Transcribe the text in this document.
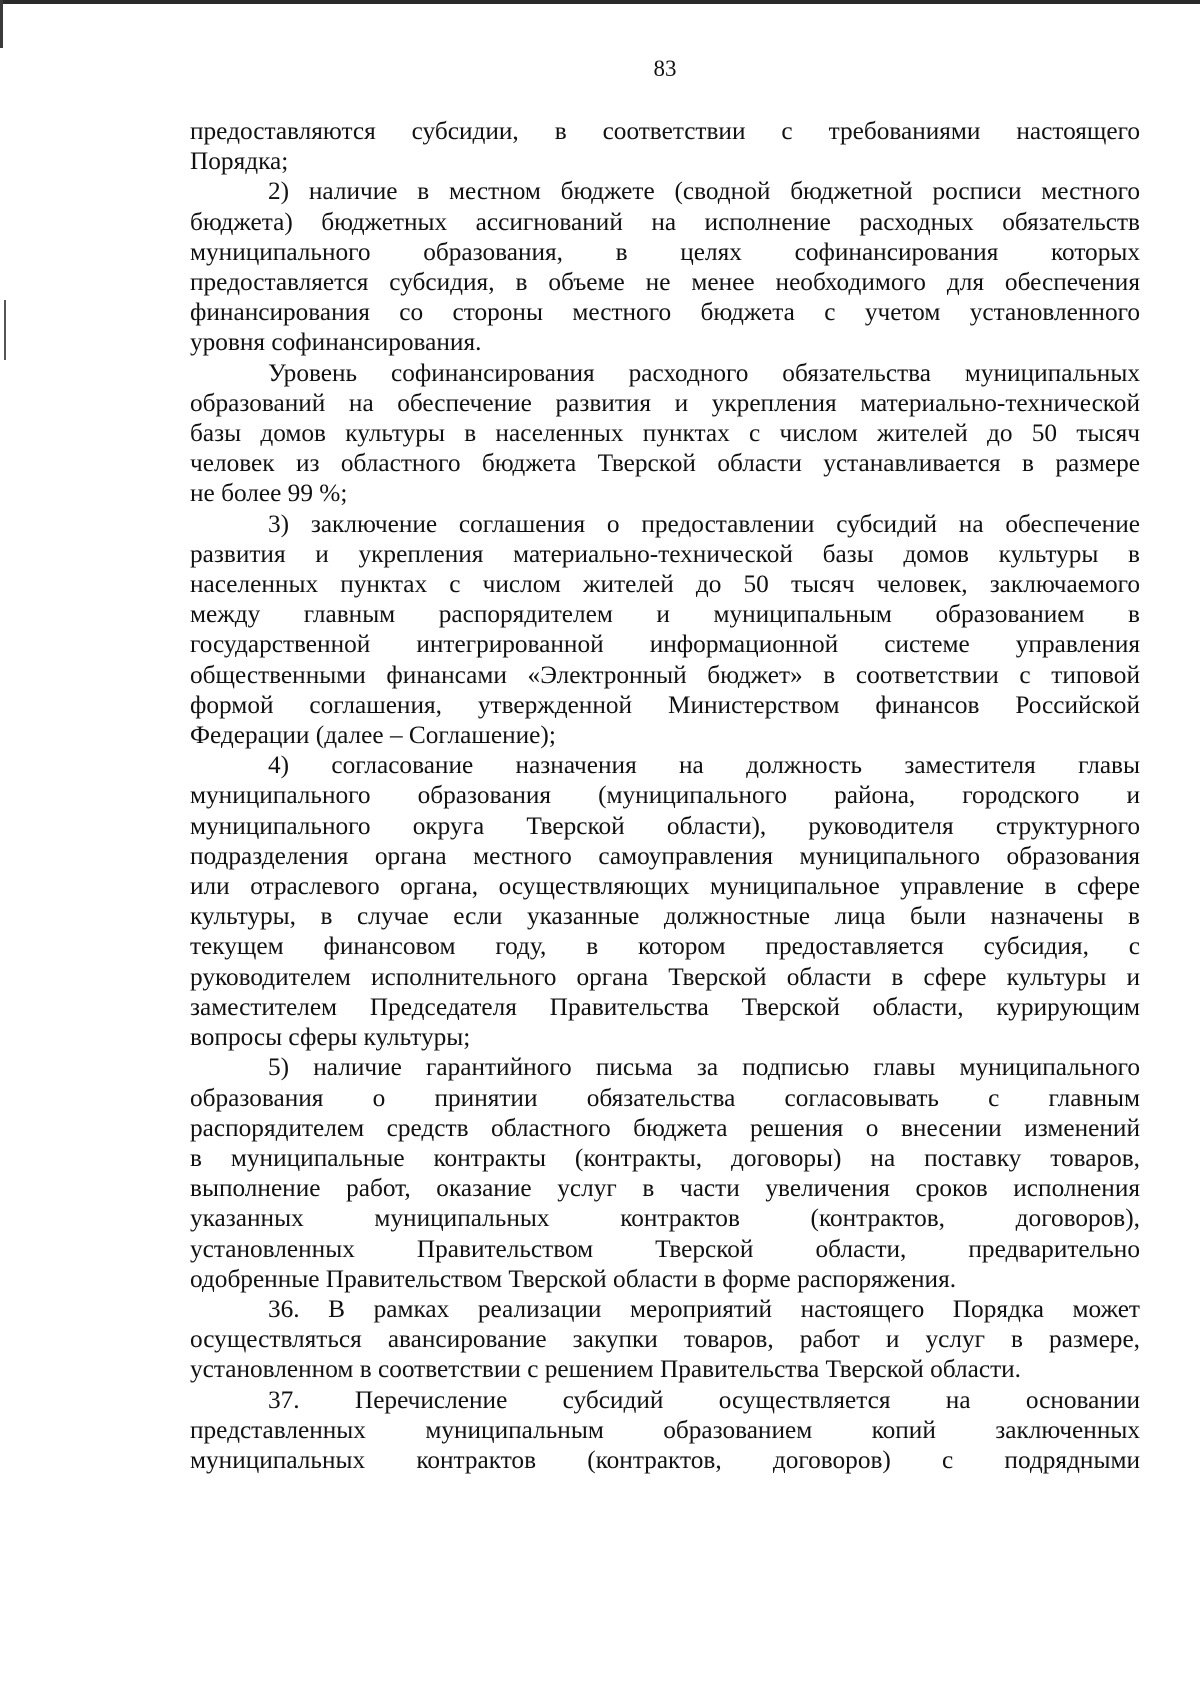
83

предоставляются субсидии, в соответствии с требованиями настоящего

Порядка;

2) наличие в местном бюджете (сводной бюджетной росписи местного

бюджета) бюджетных ассигнований на исполнение расходных обязательств

муниципального образования, в целях софинансирования которых

предоставляется субсидия, в объеме не менее необходимого для обеспечения

финансирования со стороны местного бюджета с учетом установленного

уровня софинансирования.

Уровень софинансирования расходного обязательства муниципальных

образований на обеспечение развития и укрепления материально-технической

базы домов культуры в населенных пунктах с числом жителей до 50 тысяч

человек из областного бюджета Тверской области устанавливается в размере

не более 99 %;

3) заключение соглашения о предоставлении субсидий на обеспечение

развития и укрепления материально-технической базы домов культуры в

населенных пунктах с числом жителей до 50 тысяч человек, заключаемого

между главным распорядителем и муниципальным образованием в

государственной интегрированной информационной системе управления

общественными финансами «Электронный бюджет» в соответствии с типовой

формой соглашения, утвержденной Министерством финансов Российской

Федерации (далее – Соглашение);

4) согласование назначения на должность заместителя главы

муниципального образования (муниципального района, городского и

муниципального округа Тверской области), руководителя структурного

подразделения органа местного самоуправления муниципального образования

или отраслевого органа, осуществляющих муниципальное управление в сфере

культуры, в случае если указанные должностные лица были назначены в

текущем финансовом году, в котором предоставляется субсидия, с

руководителем исполнительного органа Тверской области в сфере культуры и

заместителем Председателя Правительства Тверской области, курирующим

вопросы сферы культуры;

5) наличие гарантийного письма за подписью главы муниципального

образования о принятии обязательства согласовывать с главным

распорядителем средств областного бюджета решения о внесении изменений

в муниципальные контракты (контракты, договоры) на поставку товаров,

выполнение работ, оказание услуг в части увеличения сроков исполнения

указанных муниципальных контрактов (контрактов, договоров),

установленных Правительством Тверской области, предварительно

одобренные Правительством Тверской области в форме распоряжения.

36. В рамках реализации мероприятий настоящего Порядка может

осуществляться авансирование закупки товаров, работ и услуг в размере,

установленном в соответствии с решением Правительства Тверской области.

37. Перечисление субсидий осуществляется на основании

представленных муниципальным образованием копий заключенных

муниципальных контрактов (контрактов, договоров) с подрядными
